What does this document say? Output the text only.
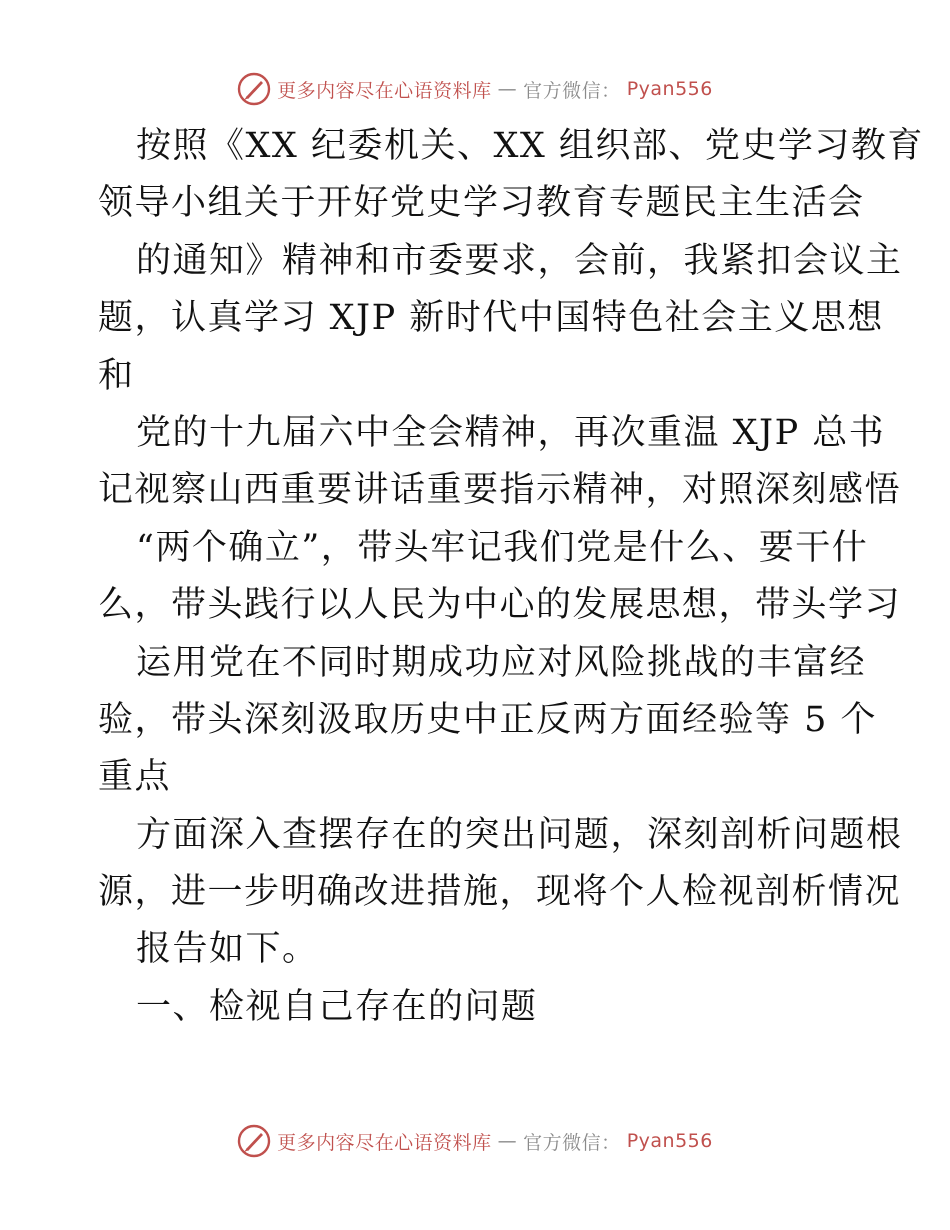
更多内容尽在心语资料库 — 官方微信： Pyan556
按照《XX 纪委机关、XX 组织部、党史学习教育
领导小组关于开好党史学习教育专题民主生活会
的通知》精神和市委要求，会前，我紧扣会议主
题，认真学习 XJP 新时代中国特色社会主义思想
和
党的十九届六中全会精神，再次重温 XJP 总书
记视察山西重要讲话重要指示精神，对照深刻感悟
“两个确立”，带头牢记我们党是什么、要干什
么，带头践行以人民为中心的发展思想，带头学习
运用党在不同时期成功应对风险挑战的丰富经
验，带头深刻汲取历史中正反两方面经验等 5 个
重点
方面深入查摆存在的突出问题，深刻剖析问题根
源，进一步明确改进措施，现将个人检视剖析情况
报告如下。
一、检视自己存在的问题
更多内容尽在心语资料库 — 官方微信： Pyan556
